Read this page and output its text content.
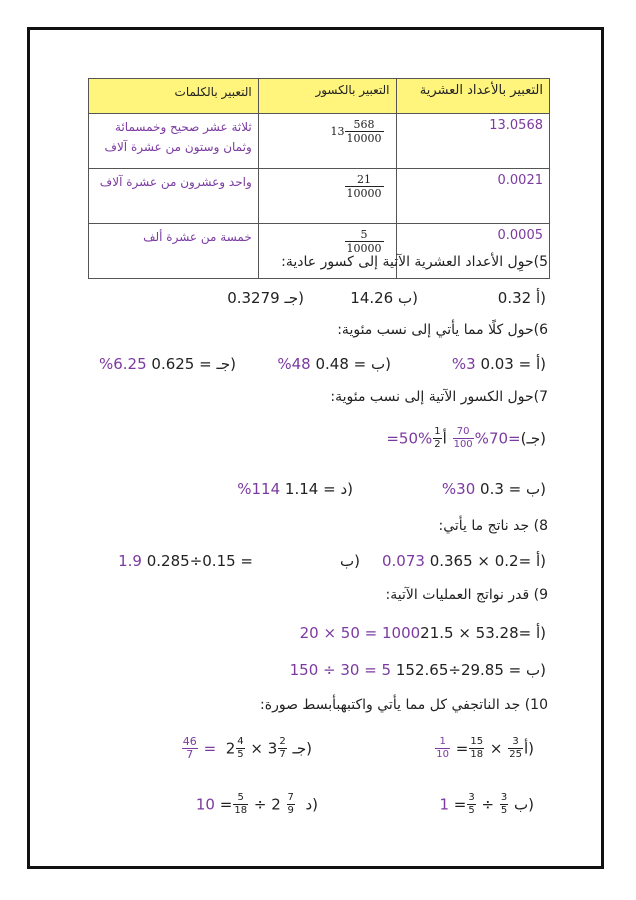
التعبير بالكلمات	التعبير بالكسور	التعبير بالأعداد العشرية
ثلاثة عشر صحيح وخمسمائة وثمان وستون من عشرة آلاف	$13 \frac{568}{10000}$	13.0568
واحد وعشرون من عشرة آلاف	$\frac{21}{10000}$	0.0021
خمسة من عشرة ألف	$\frac{5}{10000}$	0.0005
5)حوِل الأعداد العشرية الآتية إلى كسور عادية:
0.32 أ)
14.26 ب)
0.3279 جـ)
6)حول كلًا مما يأتي إلى نسب مئوية:
%3 0.03 = أ)
%48 0.48 = ب)
%6.25 0.625 = جـ)
7)حول الكسور الآتية إلى نسب مئوية:
$=50\% \frac{1}{2}$	جـ)=70%
$\frac{70}{100}$
أ)
%30 0.3 = ب)
%114 1.14 = د)
8) جد ناتج ما يأتي:
0.073 0.365 × 0.2= أ)
ب)
1.9 0.285÷0.15 =
9) قدر نواتج العمليات الآتية:
20 × 50 = 100021.5 × 53.28= أ)
150 ÷ 30 = 5 152.65÷29.85 = ب)
10) جد الناتجفي كل مما يأتي واكتبهبأبسط صورة:
$\frac{1}{10} = \frac{15}{18} \times \frac{3}{25}$ أ)
$\frac{46}{7} = 2 \frac{4}{5} \times 3 \frac{2}{7}$ جـ)
$1 = \frac{3}{5} \div \frac{3}{5}$ ب)
$10 = \frac{5}{18} \div 2 \frac{7}{9}$ د)
